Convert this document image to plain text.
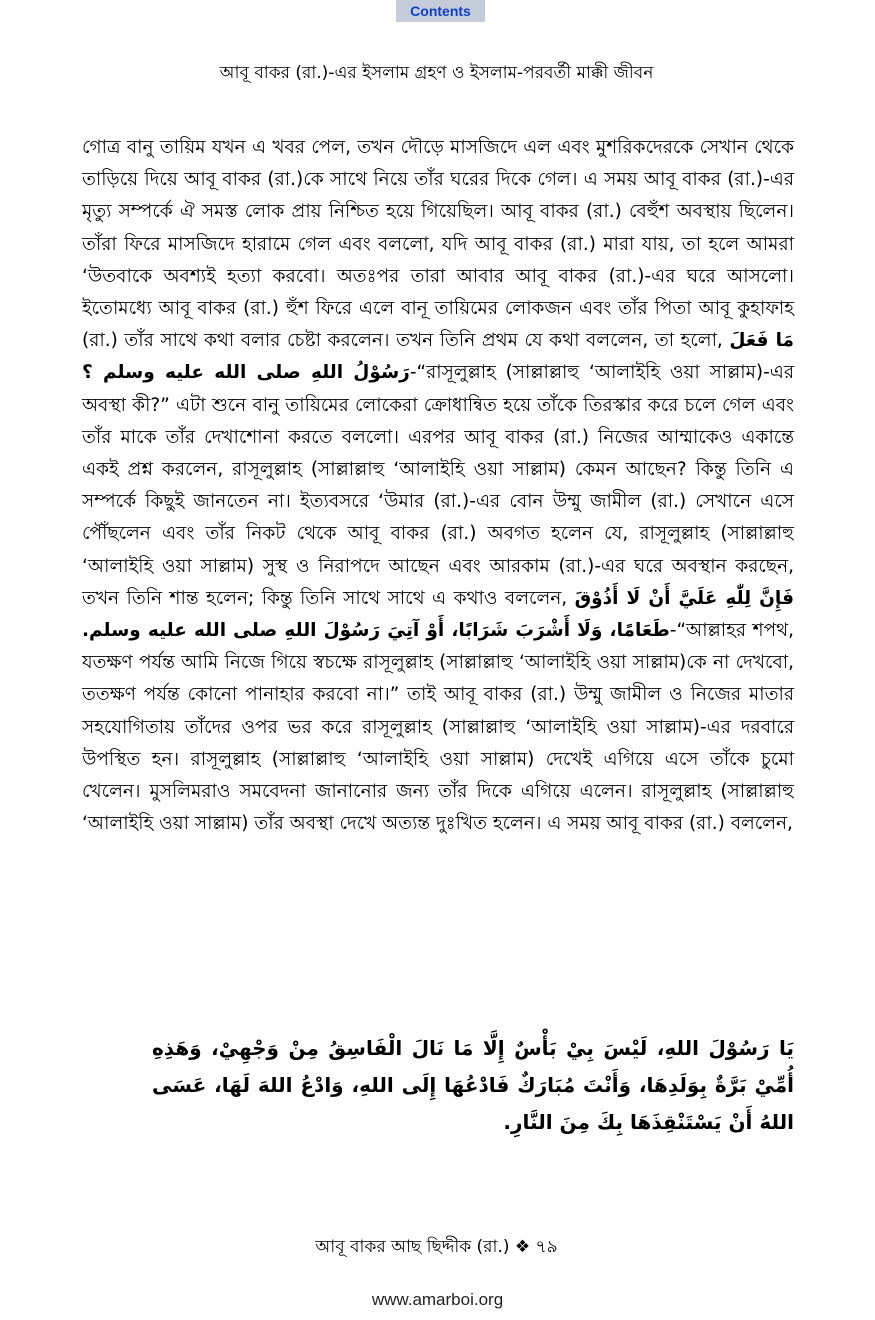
Contents
আবূ বাকর (রা.)-এর ইসলাম গ্রহণ ও ইসলাম-পরবর্তী মাক্কী জীবন

গোত্র বানু তায়িম যখন এ খবর পেল, তখন দৌড়ে মাসজিদে এল এবং মুশরিকদেরকে সেখান থেকে তাড়িয়ে দিয়ে আবূ বাকর (রা.)কে সাথে নিয়ে তাঁর ঘরের দিকে গেল। এ সময় আবূ বাকর (রা.)-এর মৃত্যু সম্পর্কে ঐ সমস্ত লোক প্রায় নিশ্চিত হয়ে গিয়েছিল। আবূ বাকর (রা.) বেহুঁশ অবস্থায় ছিলেন। তাঁরা ফিরে মাসজিদে হারামে গেল এবং বললো, যদি আবূ বাকর (রা.) মারা যায়, তা হলে আমরা ‘উতবাকে অবশ্যই হত্যা করবো। অতঃপর তারা আবার আবূ বাকর (রা.)-এর ঘরে আসলো। ইতোমধ্যে আবূ বাকর (রা.) হুঁশ ফিরে এলে বানূ তায়িমের লোকজন এবং তাঁর পিতা আবূ কুহাফাহ (রা.) তাঁর সাথে কথা বলার চেষ্টা করলেন। তখন তিনি প্রথম যে কথা বললেন, তা হলো, مَا فَعَلَ رَسُوْلُ اللهِ صلى الله عليه وسلم ؟-“রাসূলুল্লাহ (সাল্লাল্লাহু ‘আলাইহি ওয়া সাল্লাম)-এর অবস্থা কী?” এটা শুনে বানু তায়িমের লোকেরা ক্রোধান্বিত হয়ে তাঁকে তিরস্কার করে চলে গেল এবং তাঁর মাকে তাঁর দেখাশোনা করতে বললো। এরপর আবূ বাকর (রা.) নিজের আম্মাকেও একান্তে একই প্রশ্ন করলেন, রাসূলুল্লাহ (সাল্লাল্লাহু ‘আলাইহি ওয়া সাল্লাম) কেমন আছেন? কিন্তু তিনি এ সম্পর্কে কিছুই জানতেন না। ইত্যবসরে ‘উমার (রা.)-এর বোন উম্মু জামীল (রা.) সেখানে এসে পৌঁছলেন এবং তাঁর নিকট থেকে আবূ বাকর (রা.) অবগত হলেন যে, রাসূলুল্লাহ (সাল্লাল্লাহু ‘আলাইহি ওয়া সাল্লাম) সুস্থ ও নিরাপদে আছেন এবং আরকাম (রা.)-এর ঘরে অবস্থান করছেন, তখন তিনি শান্ত হলেন; কিন্তু তিনি সাথে সাথে এ কথাও বললেন, فَإِنَّ لِلّٰهِ عَلَيَّ أَنْ لَا أَذُوْقَ طَعَامًا، وَلَا أَشْرَبَ شَرَابًا، أَوْ آتِيَ رَسُوْلَ اللهِ صلى الله عليه وسلم.-“আল্লাহর শপথ, যতক্ষণ পর্যন্ত আমি নিজে গিয়ে স্বচক্ষে রাসূলুল্লাহ (সাল্লাল্লাহু ‘আলাইহি ওয়া সাল্লাম)কে না দেখবো, ততক্ষণ পর্যন্ত কোনো পানাহার করবো না।” তাই আবূ বাকর (রা.) উম্মু জামীল ও নিজের মাতার সহযোগিতায় তাঁদের ওপর ভর করে রাসূলুল্লাহ (সাল্লাল্লাহু ‘আলাইহি ওয়া সাল্লাম)-এর দরবারে উপস্থিত হন। রাসূলুল্লাহ (সাল্লাল্লাহু ‘আলাইহি ওয়া সাল্লাম) দেখেই এগিয়ে এসে তাঁকে চুমো খেলেন। মুসলিমরাও সমবেদনা জানানোর জন্য তাঁর দিকে এগিয়ে এলেন। রাসূলুল্লাহ (সাল্লাল্লাহু ‘আলাইহি ওয়া সাল্লাম) তাঁর অবস্থা দেখে অত্যন্ত দুঃখিত হলেন। এ সময় আবূ বাকর (রা.) বললেন,

يَا رَسُوْلَ اللهِ، لَيْسَ بِيْ بَأْسٌ إِلَّا مَا نَالَ الْفَاسِقُ مِنْ وَجْهِيْ، وَهَذِهِ أُمِّيْ بَرَّةٌ بِوَلَدِهَا، وَأَنْتَ مُبَارَكٌ فَادْعُهَا إِلَى اللهِ، وَادْعُ اللهَ لَهَا، عَسَى اللهُ أَنْ يَسْتَنْقِذَهَا بِكَ مِنَ النَّارِ.

আবূ বাকর আছ ছিদ্দীক (রা.) ❖ ৭৯
www.amarboi.org
